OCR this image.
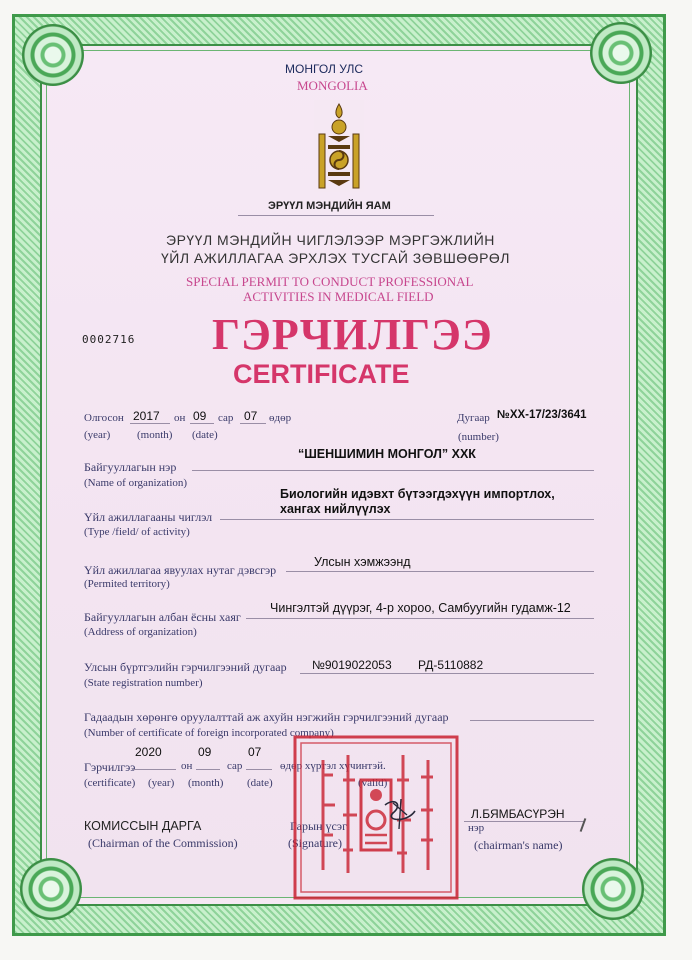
МОНГОЛ УЛС
MONGOLIA
ЭРҮҮЛ МЭНДИЙН ЯАМ
ЭРҮҮЛ МЭНДИЙН ЧИГЛЭЛЭЭР МЭРГЭЖЛИЙН
ҮЙЛ АЖИЛЛАГАА ЭРХЛЭХ ТУСГАЙ ЗӨВШӨӨРӨЛ
SPECIAL PERMIT TO CONDUCT PROFESSIONAL
ACTIVITIES IN MEDICAL FIELD
0002716 ГЭРЧИЛГЭЭ
CERTIFICATE
Олгосон 2017 он 09 сар 07 өдөр
(year) (month) (date)
Дугаар №XX-17/23/3641
(number)
Байгууллагын нэр
“ШЕНШИМИН МОНГОЛ” ХХК
(Name of organization)
Биологийн идэвхт бүтээгдэхүүн импортлох,
Үйл ажиллагааны чиглэл
хангах нийлүүлэх
(Type /field/ of activity)
Үйл ажиллагаа явуулах нутаг дэвсгэр
Улсын хэмжээнд
(Permited territory)
Байгууллагын албан ёсны хаяг
Чингэлтэй дүүрэг, 4-р хороо, Самбуугийн гудамж-12
(Address of organization)
Улсын бүртгэлийн гэрчилгээний дугаар №9019022053 РД-5110882
(State registration number)
Гадаадын хөрөнгө оруулалттай аж ахуйн нэгжийн гэрчилгээний дугаар
(Number of certificate of foreign incorporated company)
2020	09	07
Гэрчилгээ	он	сар	өдөр хүртэл хүчинтэй.
(certificate) (year) (month) (date)	(valid)
КОМИССЫН ДАРГА
(Chairman of the Commission)
Гарын үсэг
(Signature)
Л.БЯМБАСҮРЭН
нэр
(chairman's name)
